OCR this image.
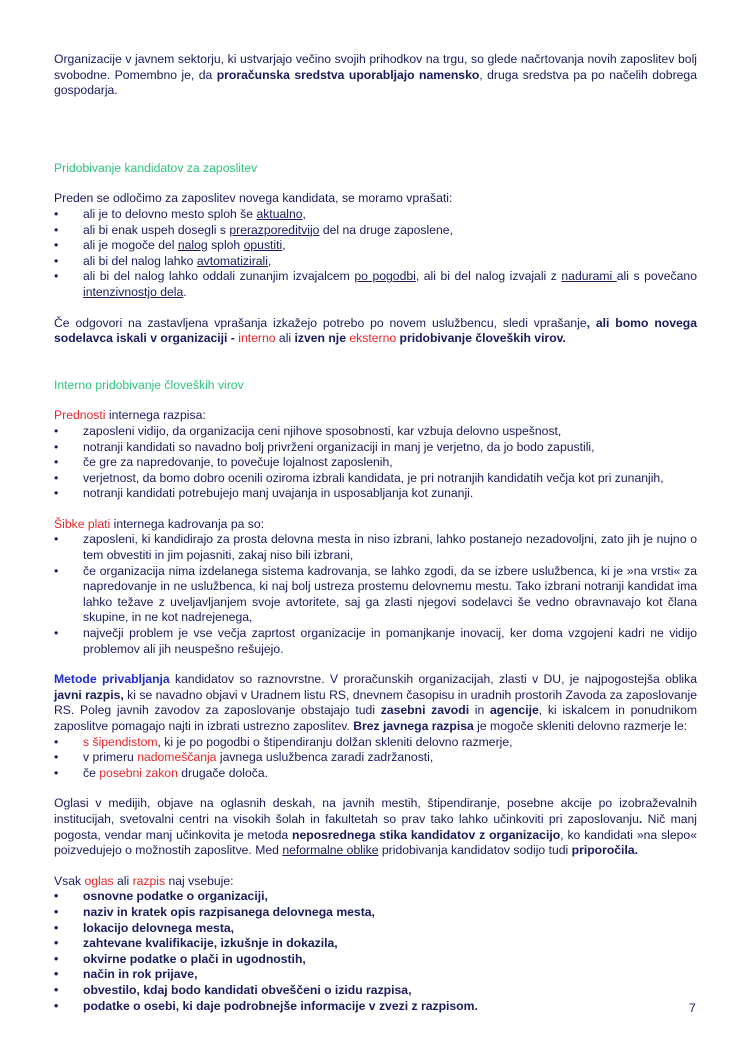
Organizacije v javnem sektorju, ki ustvarjajo večino svojih prihodkov na trgu, so glede načrtovanja novih zaposlitev bolj svobodne. Pomembno je, da proračunska sredstva uporabljajo namensko, druga sredstva pa po načelih dobrega gospodarja.

Pridobivanje kandidatov za zaposlitev

Preden se odločimo za zaposlitev novega kandidata, se moramo vprašati:

• ali je to delovno mesto sploh še aktualno,
• ali bi enak uspeh dosegli s prerazporeditvijo del na druge zaposlene,
• ali je mogoče del nalog sploh opustiti,
• ali bi del nalog lahko avtomatizirali,
• ali bi del nalog lahko oddali zunanjim izvajalcem po pogodbi, ali bi del nalog izvajali z nadurami ali s povečano intenzivnostjo dela.

Če odgovori na zastavljena vprašanja izkažejo potrebo po novem uslužbencu, sledi vprašanje, ali bomo novega sodelavca iskali v organizaciji - interno ali izven nje eksterno pridobivanje človeških virov.

Interno pridobivanje človeških virov

Prednosti internega razpisa:

• zaposleni vidijo, da organizacija ceni njihove sposobnosti, kar vzbuja delovno uspešnost,
• notranji kandidati so navadno bolj privrženi organizaciji in manj je verjetno, da jo bodo zapustili,
• če gre za napredovanje, to povečuje lojalnost zaposlenih,
• verjetnost, da bomo dobro ocenili oziroma izbrali kandidata, je pri notranjih kandidatih večja kot pri zunanjih,
• notranji kandidati potrebujejo manj uvajanja in usposabljanja kot zunanji.

Šibke plati internega kadrovanja pa so:

• zaposleni, ki kandidirajo za prosta delovna mesta in niso izbrani, lahko postanejo nezadovoljni, zato jih je nujno o tem obvestiti in jim pojasniti, zakaj niso bili izbrani,
• če organizacija nima izdelanega sistema kadrovanja, se lahko zgodi, da se izbere uslužbenca, ki je »na vrsti« za napredovanje in ne uslužbenca, ki naj bolj ustreza prostemu delovnemu mestu. Tako izbrani notranji kandidat ima lahko težave z uveljavljanjem svoje avtoritete, saj ga zlasti njegovi sodelavci še vedno obravnavajo kot člana skupine, in ne kot nadrejenega,
• največji problem je vse večja zaprtost organizacije in pomanjkanje inovacij, ker doma vzgojeni kadri ne vidijo problemov ali jih neuspešno rešujejo.

Metode privabljanja kandidatov so raznovrstne. V proračunskih organizacijah, zlasti v DU, je najpogostejša oblika javni razpis, ki se navadno objavi v Uradnem listu RS, dnevnem časopisu in uradnih prostorih Zavoda za zaposlovanje RS. Poleg javnih zavodov za zaposlovanje obstajajo tudi zasebni zavodi in agencije, ki iskalcem in ponudnikom zaposlitve pomagajo najti in izbrati ustrezno zaposlitev. Brez javnega razpisa je mogoče skleniti delovno razmerje le:

• s šipendistom, ki je po pogodbi o štipendiranju dolžan skleniti delovno razmerje,
• v primeru nadomeščanja javnega uslužbenca zaradi zadržanosti,
• če posebni zakon drugače določa.

Oglasi v medijih, objave na oglasnih deskah, na javnih mestih, štipendiranje, posebne akcije po izobraževalnih institucijah, svetovalni centri na visokih šolah in fakultetah so prav tako lahko učinkoviti pri zaposlovanju. Nič manj pogosta, vendar manj učinkovita je metoda neposrednega stika kandidatov z organizacijo, ko kandidati »na slepo« poizvedujejo o možnostih zaposlitve. Med neformalne oblike pridobivanja kandidatov sodijo tudi priporočila.

Vsak oglas ali razpis naj vsebuje:

• osnovne podatke o organizaciji,
• naziv in kratek opis razpisanega delovnega mesta,
• lokacijo delovnega mesta,
• zahtevane kvalifikacije, izkušnje in dokazila,
• okvirne podatke o plači in ugodnostih,
• način in rok prijave,
• obvestilo, kdaj bodo kandidati obveščeni o izidu razpisa,
• podatke o osebi, ki daje podrobnejše informacije v zvezi z razpisom.	7
